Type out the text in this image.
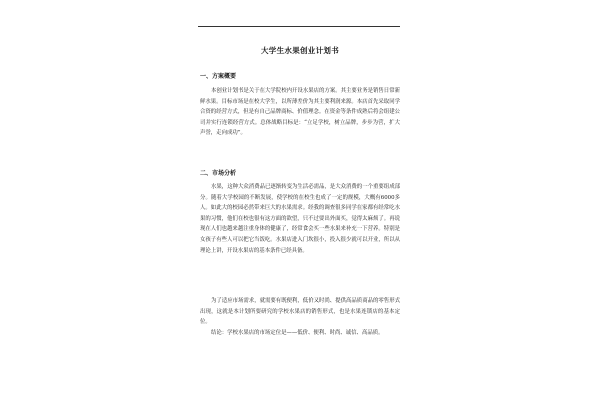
大学生水果创业计划书
一、方案概要

本创业计划书是关于在大学院校内开设水果店的方案。其主要业务是销售日常新鲜水果。目标市场是在校大学生，以所薄差价为其主要利润来源。本店首先采取同学合资的经营方式，但是有自己品牌商标、价值理念。在资金等条件成熟后将会组建公司并实行连锁经营方式。总体战略目标是：“立足学校，树立品牌，步步为营，扩大声誉，走向成功”。

二、市场分析

水果，这种大众消费品已逐渐转变为生活必需品，是大众消费的一个重要组成部分。随着大学校园的不断发展，使学校的在校生也成了一定的规模，大概有6000多人。如此大的校园必然带来巨大的水果需求。经我的调查很多同学在家都有经常吃水果的习惯，他们在校也很有这方面的欲望，只不过要出外面买，觉得太麻烦了。再说现在人们也越来越注重身体的健康了，经常食会买一些水果来补充一下营养。特别是女孩子有些人可以把它当饭吃。水果店进入门坎很小，投入很少就可以开业，所以从理论上讲，开设水果店的基本条件已经具备。

为了适应市场需求，就需要有既便利，低价又时尚、提供高品质商品的零售形式出现，这就是本计划所要研究的学校水果店的销售形式，也是水果连锁店的基本定位。

结论：学校水果店的市场定位是——低价、便利、时尚、诚信、高品质。
